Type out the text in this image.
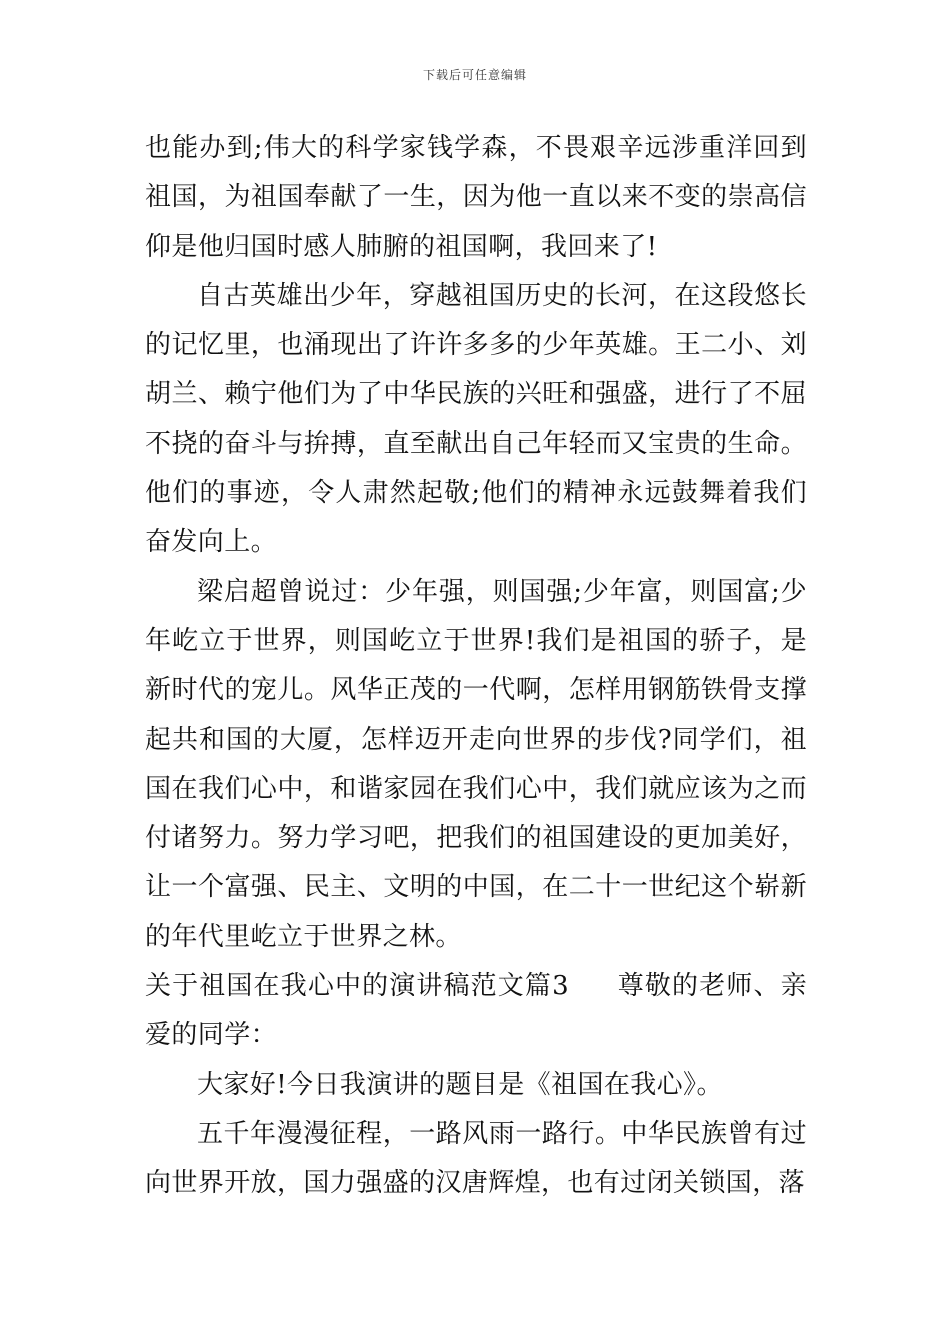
下载后可任意编辑

也能办到;伟大的科学家钱学森，不畏艰辛远涉重洋回到祖国，为祖国奉献了一生，因为他一直以来不变的崇高信仰是他归国时感人肺腑的祖国啊，我回来了!

自古英雄出少年，穿越祖国历史的长河，在这段悠长的记忆里，也涌现出了许许多多的少年英雄。王二小、刘胡兰、赖宁他们为了中华民族的兴旺和强盛，进行了不屈不挠的奋斗与拚搏，直至献出自己年轻而又宝贵的生命。他们的事迹，令人肃然起敬;他们的精神永远鼓舞着我们奋发向上。

梁启超曾说过：少年强，则国强;少年富，则国富;少年屹立于世界，则国屹立于世界!我们是祖国的骄子，是新时代的宠儿。风华正茂的一代啊，怎样用钢筋铁骨支撑起共和国的大厦，怎样迈开走向世界的步伐?同学们，祖国在我们心中，和谐家园在我们心中，我们就应该为之而付诸努力。努力学习吧，把我们的祖国建设的更加美好，让一个富强、民主、文明的中国，在二十一世纪这个崭新的年代里屹立于世界之林。

关于祖国在我心中的演讲稿范文篇3 尊敬的老师、亲爱的同学：

大家好!今日我演讲的题目是《祖国在我心》。

五千年漫漫征程，一路风雨一路行。中华民族曾有过向世界开放，国力强盛的汉唐辉煌，也有过闭关锁国，落
